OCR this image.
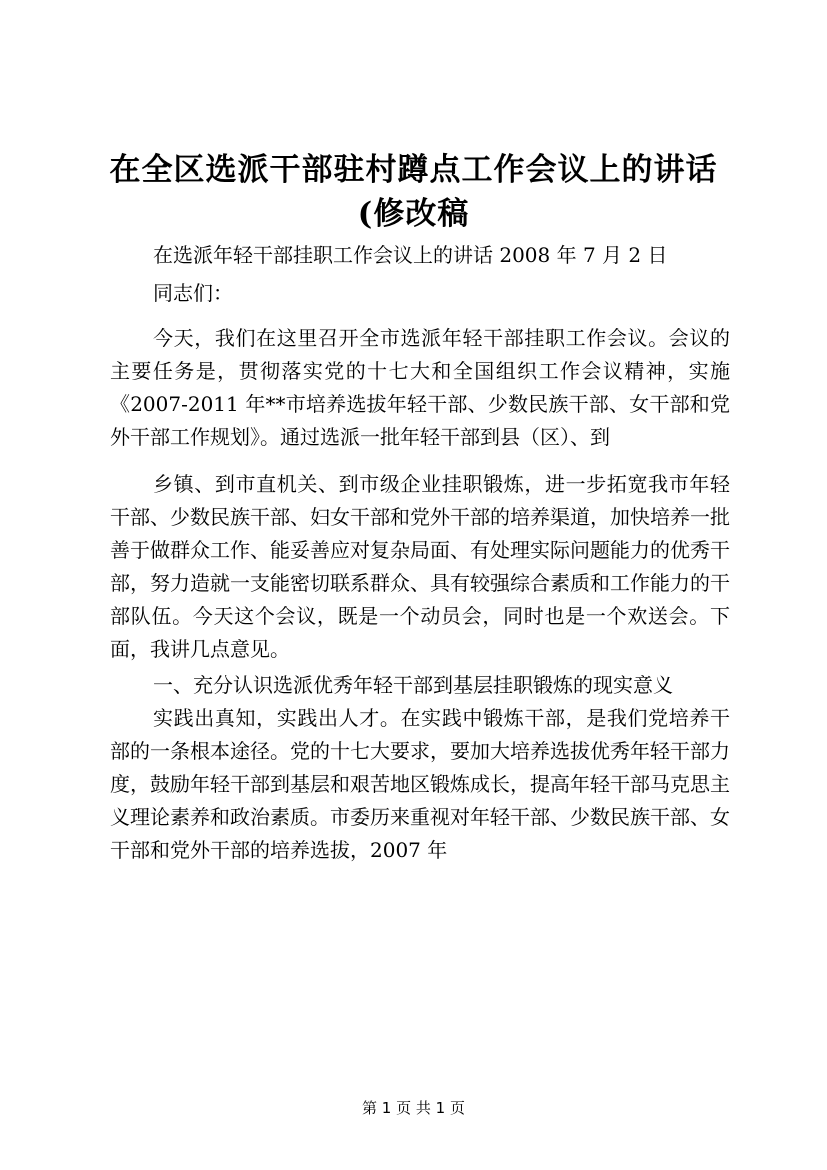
在全区选派干部驻村蹲点工作会议上的讲话
(修改稿

在选派年轻干部挂职工作会议上的讲话 2008 年 7 月 2 日

同志们：

今天，我们在这里召开全市选派年轻干部挂职工作会议。会议的主要任务是，贯彻落实党的十七大和全国组织工作会议精神，实施《2007-2011 年**市培养选拔年轻干部、少数民族干部、女干部和党外干部工作规划》。通过选派一批年轻干部到县（区）、到

乡镇、到市直机关、到市级企业挂职锻炼，进一步拓宽我市年轻干部、少数民族干部、妇女干部和党外干部的培养渠道，加快培养一批善于做群众工作、能妥善应对复杂局面、有处理实际问题能力的优秀干部，努力造就一支能密切联系群众、具有较强综合素质和工作能力的干部队伍。今天这个会议，既是一个动员会，同时也是一个欢送会。下面，我讲几点意见。

一、充分认识选派优秀年轻干部到基层挂职锻炼的现实意义

实践出真知，实践出人才。在实践中锻炼干部，是我们党培养干部的一条根本途径。党的十七大要求，要加大培养选拔优秀年轻干部力度，鼓励年轻干部到基层和艰苦地区锻炼成长，提高年轻干部马克思主义理论素养和政治素质。市委历来重视对年轻干部、少数民族干部、女干部和党外干部的培养选拔，2007 年

第 1 页 共 1 页
